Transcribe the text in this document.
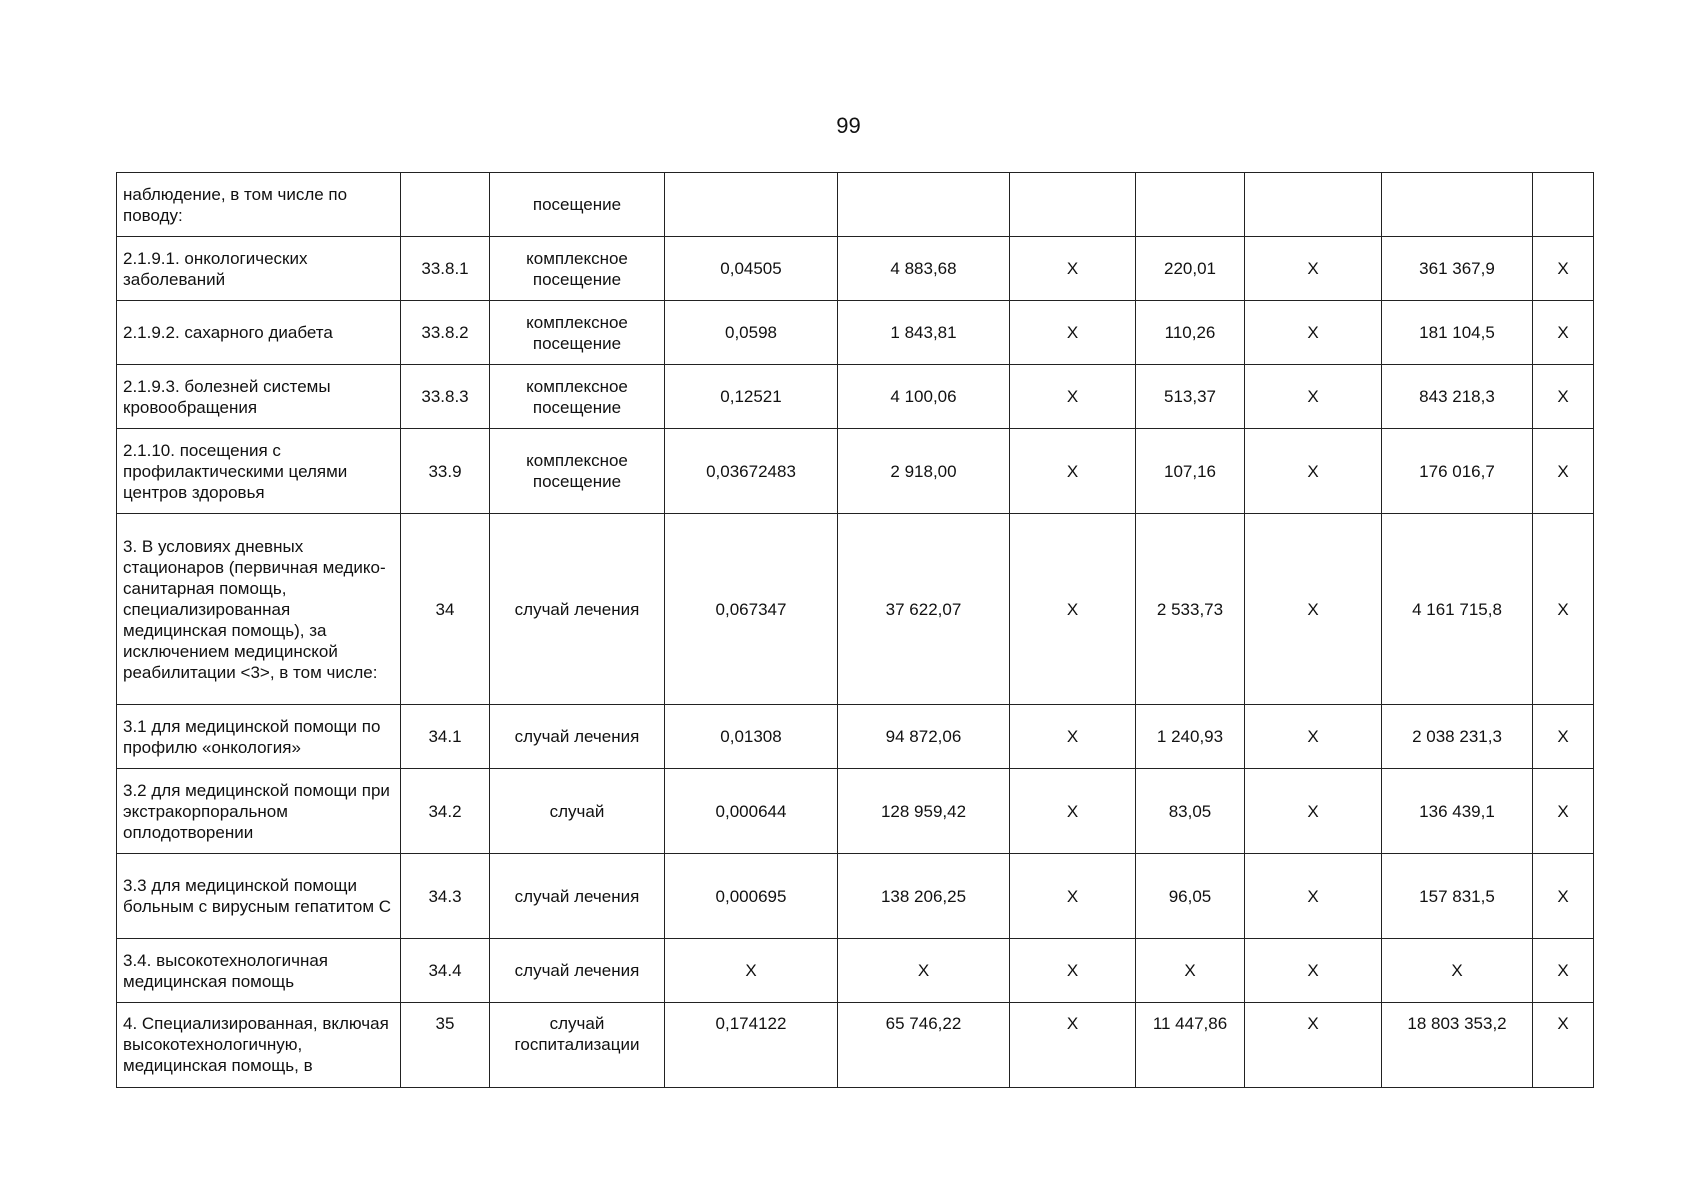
99
наблюдение, в том числе по поводу:		посещение							
2.1.9.1. онкологических заболеваний	33.8.1	комплексное посещение	0,04505	4 883,68	X	220,01	X	361 367,9	X
2.1.9.2. сахарного диабета	33.8.2	комплексное посещение	0,0598	1 843,81	X	110,26	X	181 104,5	X
2.1.9.3. болезней системы кровообращения	33.8.3	комплексное посещение	0,12521	4 100,06	X	513,37	X	843 218,3	X
2.1.10. посещения с профилактическими целями центров здоровья	33.9	комплексное посещение	0,03672483	2 918,00	X	107,16	X	176 016,7	X
3. В условиях дневных стационаров (первичная медико-санитарная помощь, специализированная медицинская помощь), за исключением медицинской реабилитации <3>, в том числе:	34	случай лечения	0,067347	37 622,07	X	2 533,73	X	4 161 715,8	X
3.1 для медицинской помощи по профилю «онкология»	34.1	случай лечения	0,01308	94 872,06	X	1 240,93	X	2 038 231,3	X
3.2 для медицинской помощи при экстракорпоральном оплодотворении	34.2	случай	0,000644	128 959,42	X	83,05	X	136 439,1	X
3.3 для медицинской помощи больным с вирусным гепатитом С	34.3	случай лечения	0,000695	138 206,25	X	96,05	X	157 831,5	X
3.4. высокотехнологичная медицинская помощь	34.4	случай лечения	X	X	X	X	X	X	X
4. Специализированная, включая высокотехнологичную, медицинская помощь, в	35	случай госпитализации	0,174122	65 746,22	X	11 447,86	X	18 803 353,2	X
